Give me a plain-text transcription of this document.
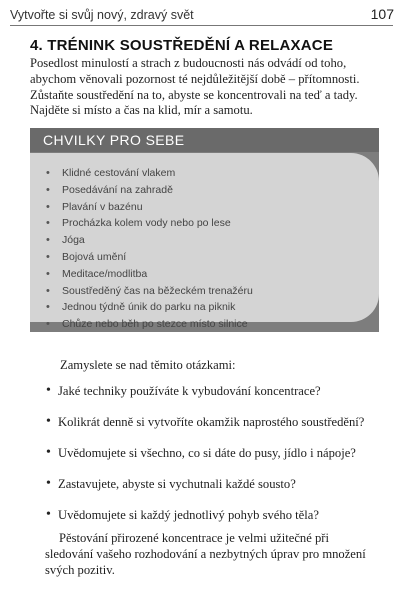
Vytvořte si svůj nový, zdravý svět	107
4. TRÉNINK SOUSTŘEDĚNÍ A RELAXACE
Posedlost minulostí a strach z budoucnosti nás odvádí od toho, abychom věnovali pozornost té nejdůležitější době – přítomnosti. Zůstaňte soustředění na to, abyste se koncentrovali na teď a tady. Najděte si místo a čas na klid, mír a samotu.
CHVILKY PRO SEBE
• Klidné cestování vlakem
• Posedávání na zahradě
• Plavání v bazénu
• Procházka kolem vody nebo po lese
• Jóga
• Bojová umění
• Meditace/modlitba
• Soustředěný čas na běžeckém trenažéru
• Jednou týdně únik do parku na piknik
• Chůze nebo běh po stezce místo silnice
Zamyslete se nad těmito otázkami:
• Jaké techniky používáte k vybudování koncentrace?
• Kolikrát denně si vytvoříte okamžik naprostého soustředění?
• Uvědomujete si všechno, co si dáte do pusy, jídlo i nápoje?
• Zastavujete, abyste si vychutnali každé sousto?
• Uvědomujete si každý jednotlivý pohyb svého těla?
Pěstování přirozené koncentrace je velmi užitečné při sledování vašeho rozhodování a nezbytných úprav pro množení svých pozitiv.
